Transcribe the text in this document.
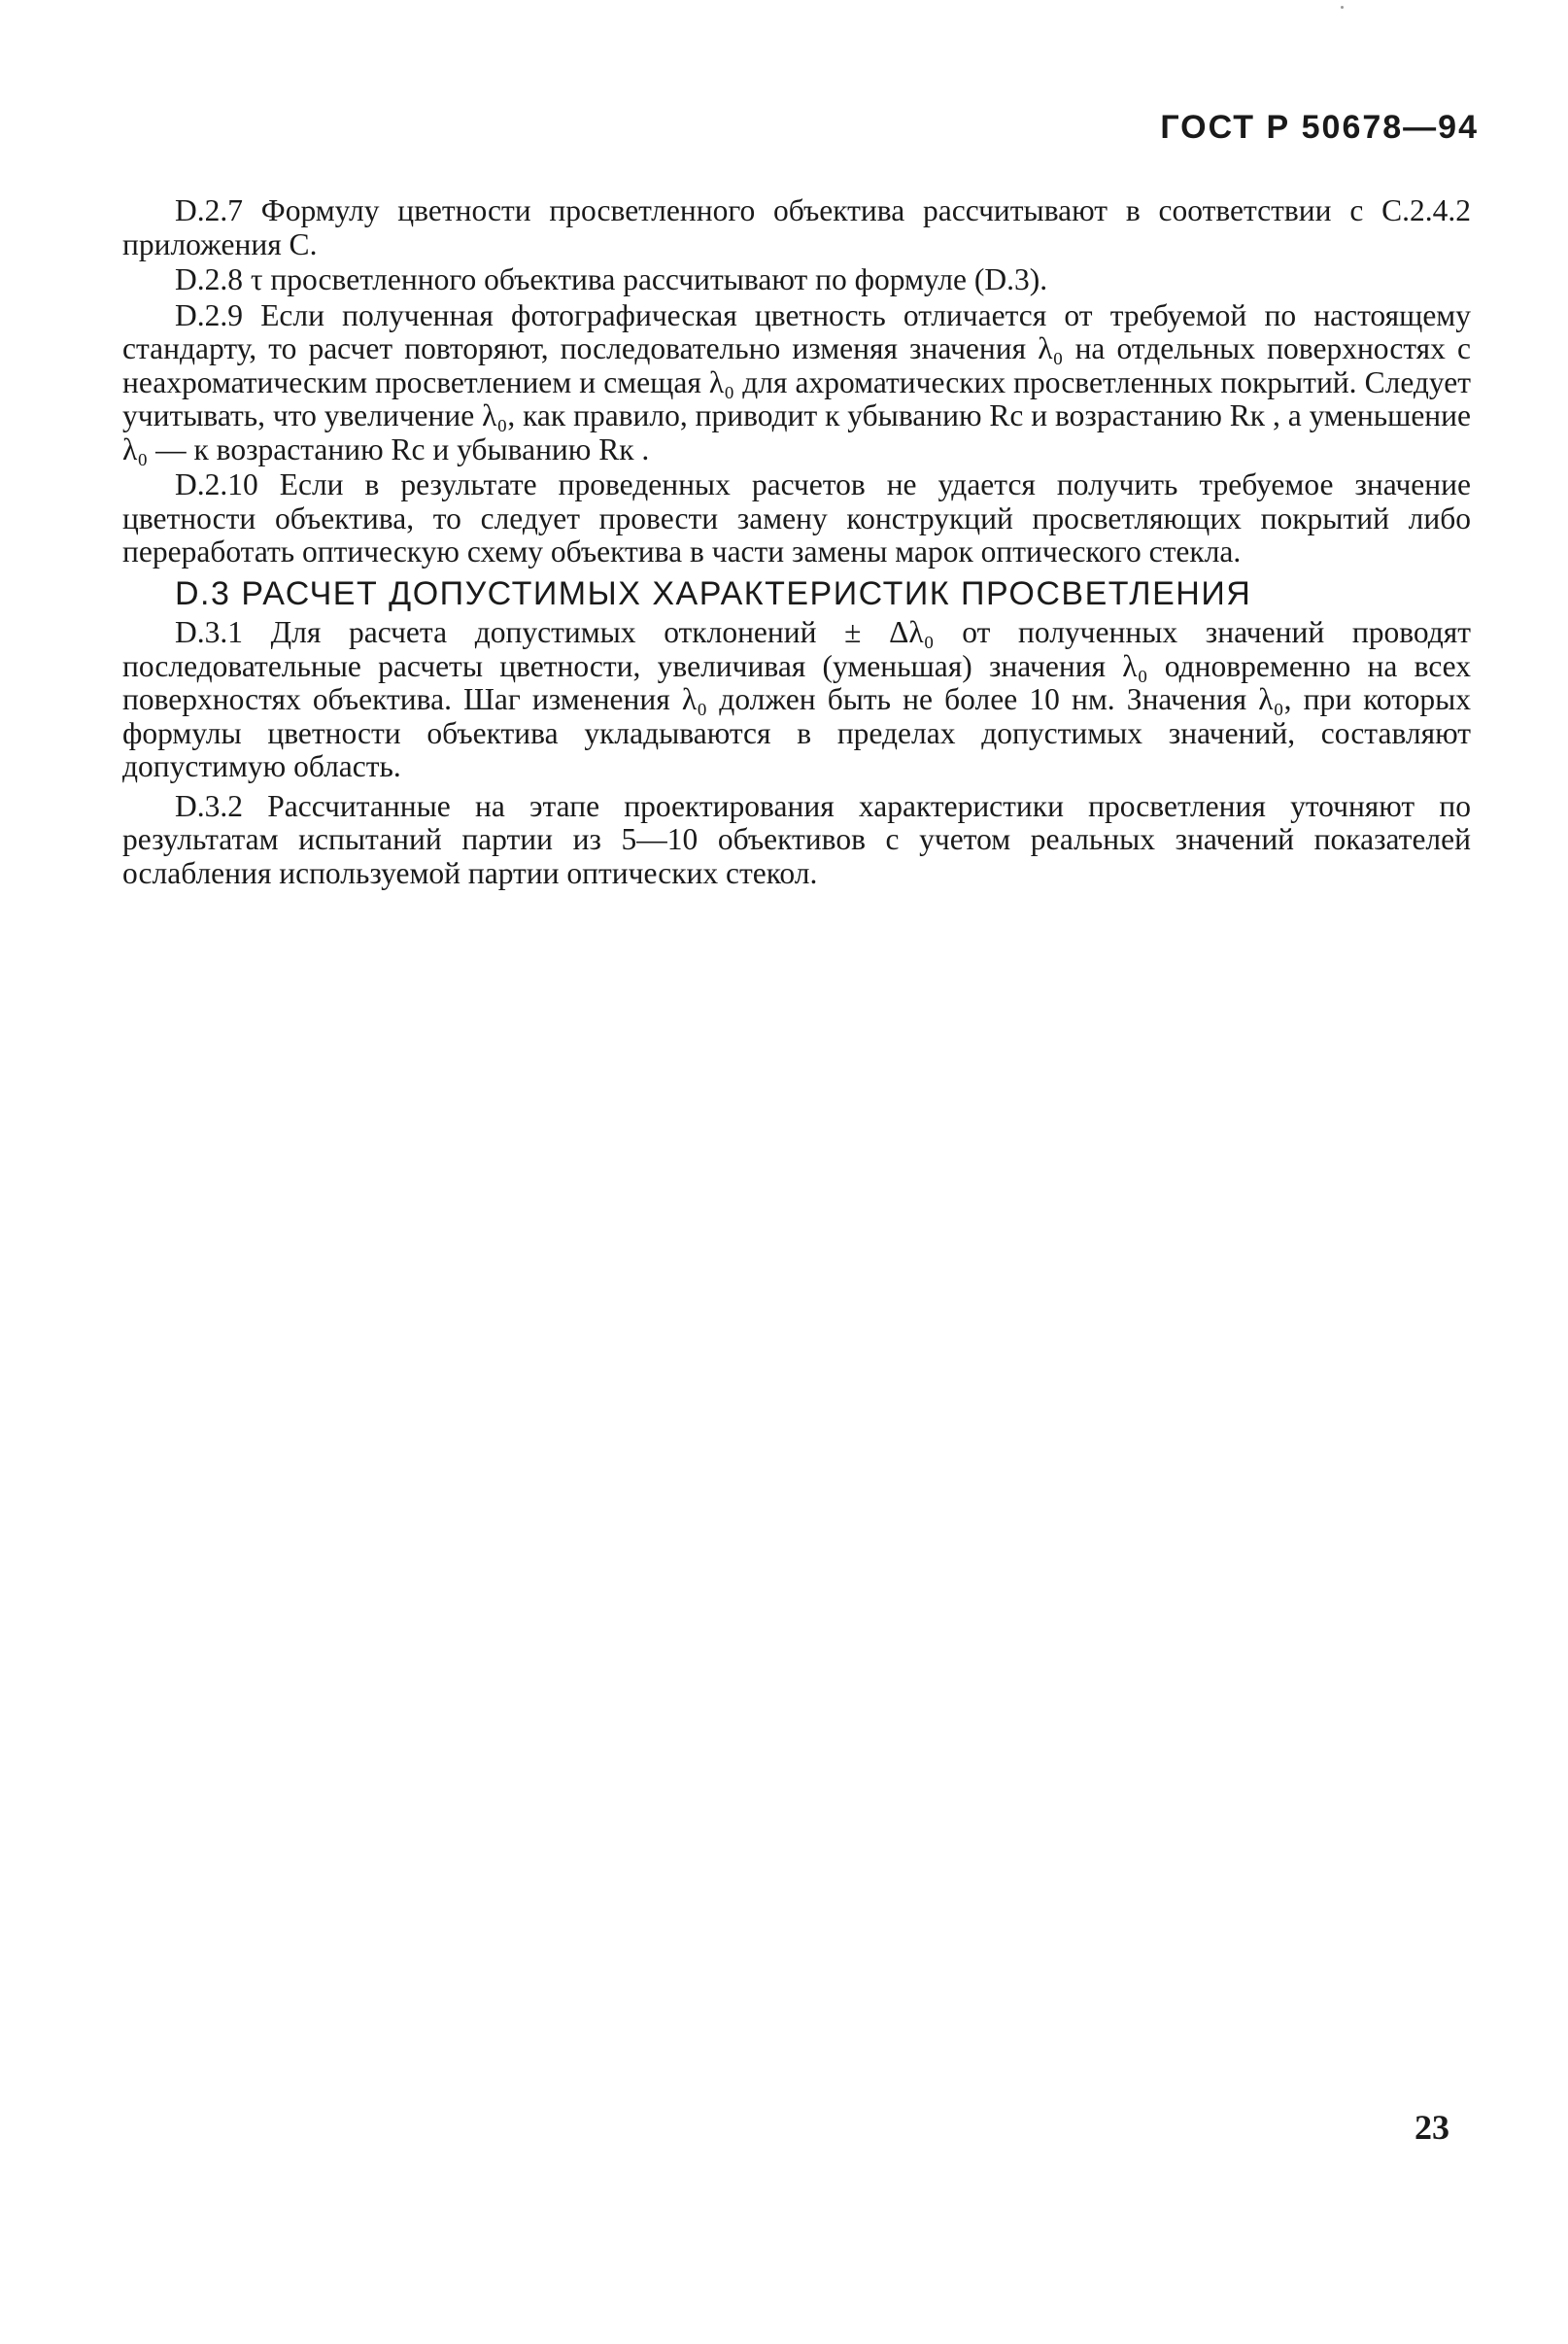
ГОСТ Р 50678—94

D.2.7 Формулу цветности просветленного объектива рассчитывают в соответствии с С.2.4.2 приложения С.

D.2.8 τ просветленного объектива рассчитывают по формуле (D.3).

D.2.9 Если полученная фотографическая цветность отличается от требуемой по настоящему стандарту, то расчет повторяют, последовательно изменяя значения λ₀ на отдельных поверхностях с неахроматическим просветлением и смещая λ₀ для ахроматических просветленных покрытий. Следует учитывать, что увеличение λ₀, как правило, приводит к убыванию Rс и возрастанию Rк , а уменьшение λ₀ — к возрастанию Rс и убыванию Rк .

D.2.10 Если в результате проведенных расчетов не удается получить требуемое значение цветности объектива, то следует провести замену конструкций просветляющих покрытий либо переработать оптическую схему объектива в части замены марок оптического стекла.

D.3 РАСЧЕТ ДОПУСТИМЫХ ХАРАКТЕРИСТИК ПРОСВЕТЛЕНИЯ

D.3.1 Для расчета допустимых отклонений ± Δλ₀ от полученных значений проводят последовательные расчеты цветности, увеличивая (уменьшая) значения λ₀ одновременно на всех поверхностях объектива. Шаг изменения λ₀ должен быть не более 10 нм. Значения λ₀, при которых формулы цветности объектива укладываются в пределах допустимых значений, составляют допустимую область.

D.3.2 Рассчитанные на этапе проектирования характеристики просветления уточняют по результатам испытаний партии из 5—10 объективов с учетом реальных значений показателей ослабления используемой партии оптических стекол.

23
